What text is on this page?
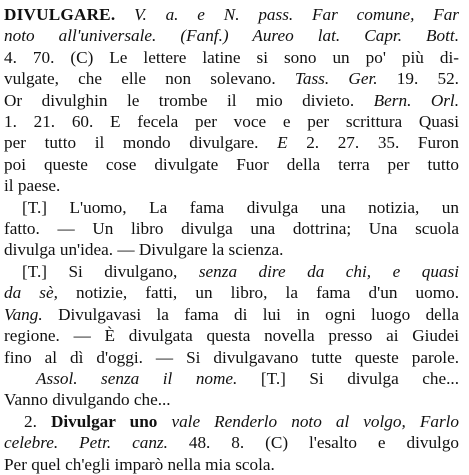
DIVULGARE. V. a. e N. pass. Far comune, Far
noto all'universale. (Fanf.) Aureo lat. Capr. Bott.
4. 70. (C) Le lettere latine si sono un po' più di-
vulgate, che elle non solevano. Tass. Ger. 19. 52.
Or divulghin le trombe il mio divieto. Bern. Orl.
1. 21. 60. E fecela per voce e per scrittura Quasi
per tutto il mondo divulgare. E 2. 27. 35. Furon
poi queste cose divulgate Fuor della terra per tutto
il paese.
[T.] L'uomo, La fama divulga una notizia, un
fatto. — Un libro divulga una dottrina; Una scuola
divulga un'idea. — Divulgare la scienza.
[T.] Si divulgano, senza dire da chi, e quasi
da sè, notizie, fatti, un libro, la fama d'un uomo.
Vang. Divulgavasi la fama di lui in ogni luogo della
regione. — È divulgata questa novella presso ai Giudei
fino al dì d'oggi. — Si divulgavano tutte queste parole.
Assol. senza il nome. [T.] Si divulga che...
Vanno divulgando che...
2. Divulgar uno vale Renderlo noto al volgo, Farlo
celebre. Petr. canz. 48. 8. (C) l'esalto e divulgo
Per quel ch'egli imparò nella mia scola.
